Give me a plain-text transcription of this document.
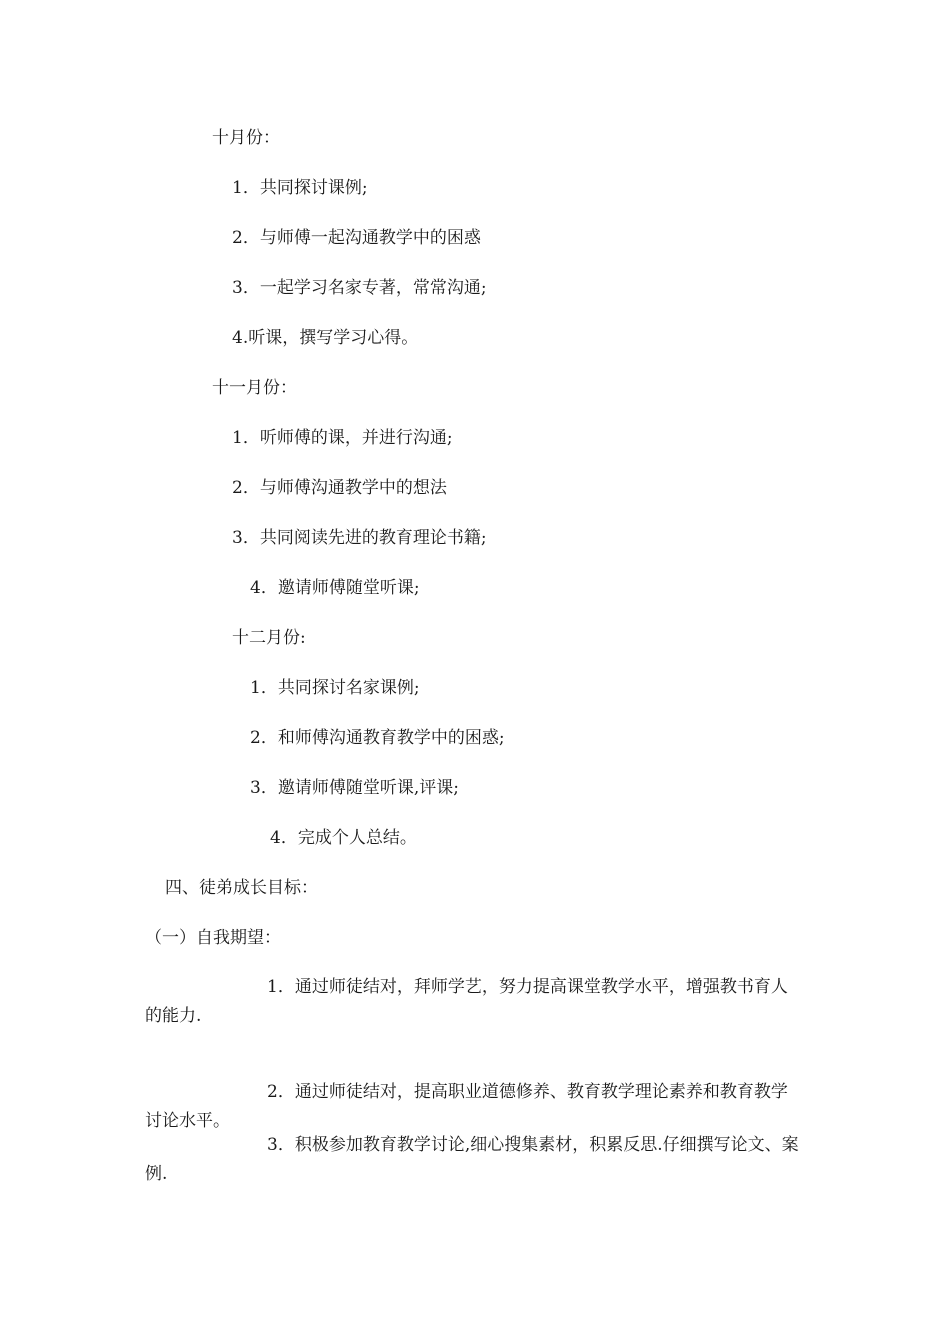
十月份：
1．共同探讨课例;
2．与师傅一起沟通教学中的困惑
3．一起学习名家专著，常常沟通;
4.听课，撰写学习心得。
十一月份：
1．听师傅的课，并进行沟通;
2．与师傅沟通教学中的想法
3．共同阅读先进的教育理论书籍;
4．邀请师傅随堂听课;
十二月份:
1．共同探讨名家课例;
2．和师傅沟通教育教学中的困惑;
3．邀请师傅随堂听课,评课;
4．完成个人总结。
四、徒弟成长目标：
（一）自我期望：
1．通过师徒结对，拜师学艺，努力提高课堂教学水平，增强教书育人的能力.
2．通过师徒结对，提高职业道德修养、教育教学理论素养和教育教学讨论水平。
3．积极参加教育教学讨论,细心搜集素材，积累反思.仔细撰写论文、案例.
